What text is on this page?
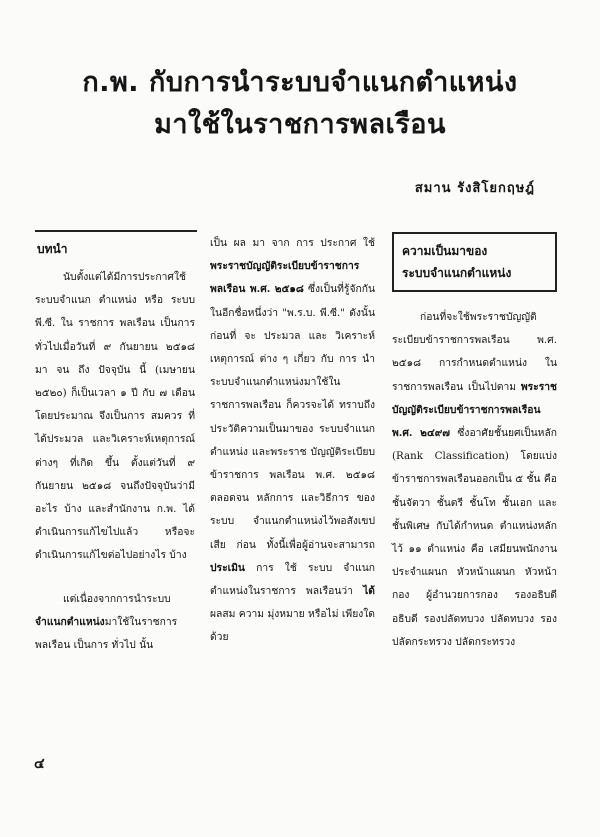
ก.พ. กับการนำระบบจำแนกตำแหน่ง
มาใช้ในราชการพลเรือน
สมาน รังสิโยกฤษฎ์
บทนำ

นับตั้งแต่ได้มีการประกาศใช้ ระบบจำแนก ตำแหน่ง หรือ ระบบ พี.ซี. ใน ราชการ พลเรือน เป็นการทั่วไปเมื่อวันที่ ๙ กันยายน ๒๕๑๘ มา จน ถึง ปัจจุบัน นี้ (เมษายน ๒๕๒๐) ก็เป็นเวลา ๑ ปี กับ ๗ เดือน โดยประมาณ จึงเป็นการ สมควร ที่ได้ประมวล และวิเคราะห์เหตุการณ์ต่างๆ ที่เกิด ขึ้น ตั้งแต่วันที่ ๙ กันยายน ๒๕๑๘ จนถึงปัจจุบันว่ามีอะไร บ้าง และสำนักงาน ก.พ. ได้ ดำเนินการแก้ไขไปแล้ว หรือจะ ดำเนินการแก้ไขต่อไปอย่างไร บ้าง

แต่เนื่องจากการนำระบบจำแนกตำแหน่งมาใช้ในราชการพลเรือน เป็นการ ทั่วไป นั้น

เป็น ผล มา จาก การ ประกาศ ใช้ พระราชบัญญัติระเบียบข้าราชการพลเรือน พ.ศ. ๒๕๑๘ ซึ่งเป็นที่รู้จักกันในอีกชื่อหนึ่งว่า "พ.ร.บ. พี.ซี." ดังนั้น ก่อนที่ จะ ประมวล และ วิเคราะห์ เหตุการณ์ ต่าง ๆ เกี่ยว กับ การ นำ ระบบจำแนกตำแหน่งมาใช้ใน ราชการพลเรือน ก็ควรจะได้ ทราบถึงประวัติความเป็นมาของ ระบบจำแนกตำแหน่ง และพระราช บัญญัติระเบียบข้าราชการ พลเรือน พ.ศ. ๒๕๑๘ ตลอดจน หลักการ และวิธีการ ของ ระบบ จำแนกตำแหน่งไว้พอสังเขปเสีย ก่อน ทั้งนี้เพื่อผู้อ่านจะสามารถ ประเมิน การ ใช้ ระบบ จำแนก ตำแหน่งในราชการ พลเรือนว่า ได้ ผลสม ความ มุ่งหมาย หรือไม่ เพียงใดด้วย

ความเป็นมาของ
ระบบจำแนกตำแหน่ง

ก่อนที่จะใช้พระราชบัญญัติ ระเบียบข้าราชการพลเรือน พ.ศ. ๒๕๑๘ การกำหนดตำแหน่ง ใน ราชการพลเรือน เป็นไปตาม พระราชบัญญัติระเบียบข้าราชการพลเรือน พ.ศ. ๒๔๙๗ ซึ่งอาศัยชั้นยศเป็นหลัก (Rank Classification) โดยแบ่งข้าราชการพลเรือนออกเป็น ๕ ชั้น คือ ชั้นจัตวา ชั้นตรี ชั้นโท ชั้นเอก และชั้นพิเศษ กับได้กำหนด ตำแหน่งหลักไว้ ๑๑ ตำแหน่ง คือ เสมียนพนักงาน ประจำแผนก หัวหน้าแผนก หัวหน้ากอง ผู้อำนวยการกอง รองอธิบดี อธิบดี รองปลัดทบวง ปลัดทบวง รองปลัดกระทรวง ปลัดกระทรวง

๔
